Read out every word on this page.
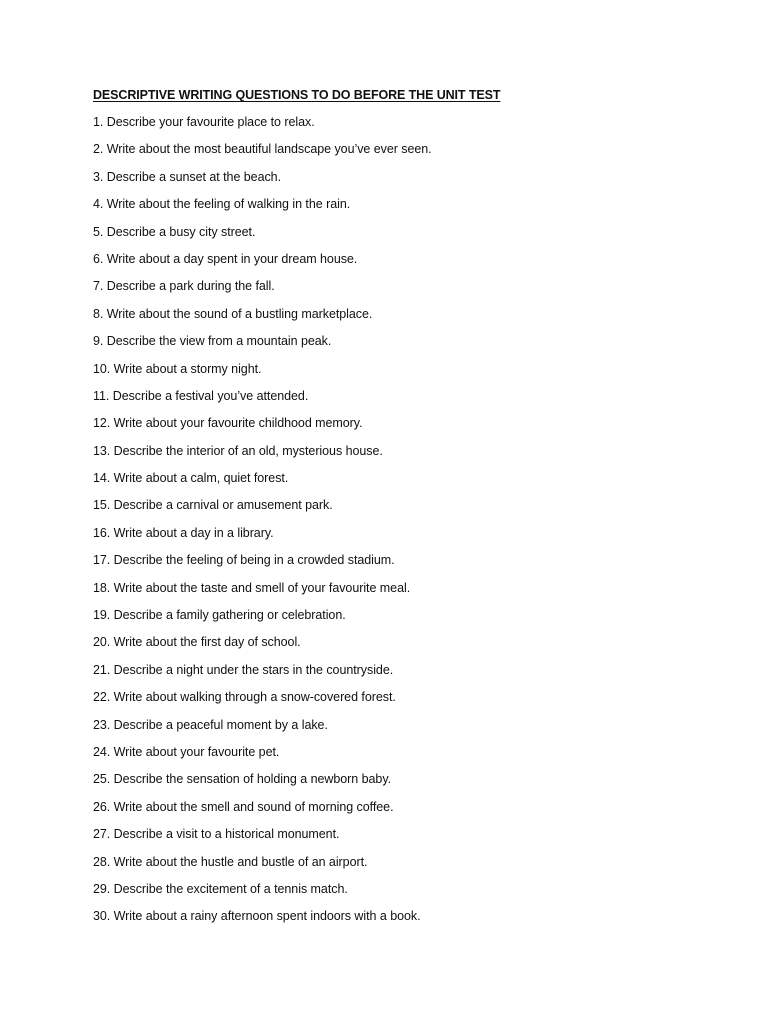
DESCRIPTIVE WRITING QUESTIONS TO DO BEFORE THE UNIT TEST
1. Describe your favourite place to relax.
2. Write about the most beautiful landscape you’ve ever seen.
3. Describe a sunset at the beach.
4. Write about the feeling of walking in the rain.
5. Describe a busy city street.
6. Write about a day spent in your dream house.
7. Describe a park during the fall.
8. Write about the sound of a bustling marketplace.
9. Describe the view from a mountain peak.
10. Write about a stormy night.
11. Describe a festival you’ve attended.
12. Write about your favourite childhood memory.
13. Describe the interior of an old, mysterious house.
14. Write about a calm, quiet forest.
15. Describe a carnival or amusement park.
16. Write about a day in a library.
17. Describe the feeling of being in a crowded stadium.
18. Write about the taste and smell of your favourite meal.
19. Describe a family gathering or celebration.
20. Write about the first day of school.
21. Describe a night under the stars in the countryside.
22. Write about walking through a snow-covered forest.
23. Describe a peaceful moment by a lake.
24. Write about your favourite pet.
25. Describe the sensation of holding a newborn baby.
26. Write about the smell and sound of morning coffee.
27. Describe a visit to a historical monument.
28. Write about the hustle and bustle of an airport.
29. Describe the excitement of a tennis match.
30. Write about a rainy afternoon spent indoors with a book.
